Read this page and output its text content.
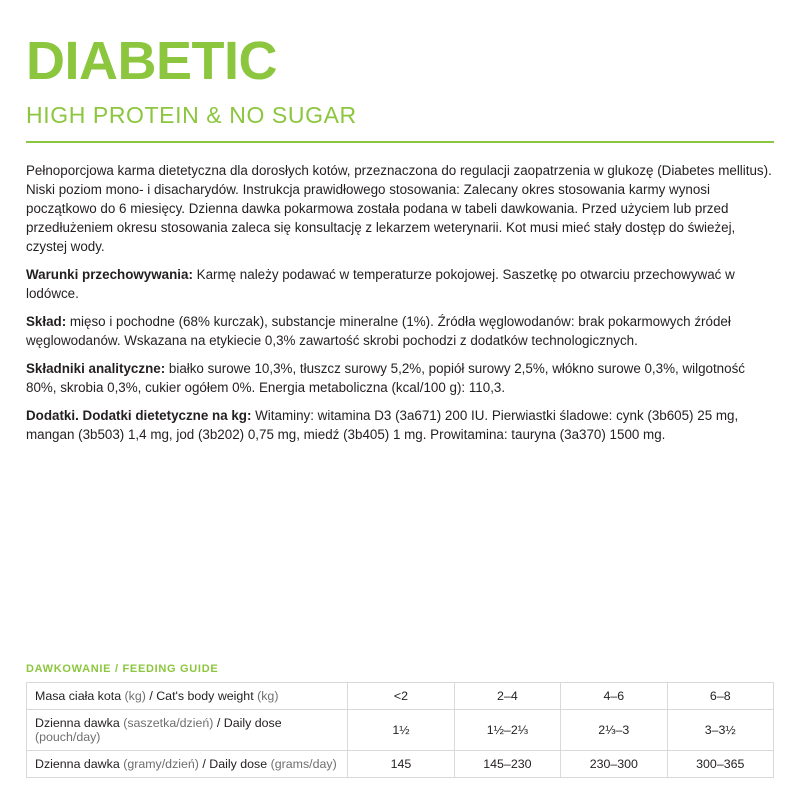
DIABETIC
HIGH PROTEIN & NO SUGAR

Pełnoporcjowa karma dietetyczna dla dorosłych kotów, przeznaczona do regulacji zaopatrzenia w glukozę (Diabetes mellitus). Niski poziom mono- i disacharydów. Instrukcja prawidłowego stosowania: Zalecany okres stosowania karmy wynosi początkowo do 6 miesięcy. Dzienna dawka pokarmowa została podana w tabeli dawkowania. Przed użyciem lub przed przedłużeniem okresu stosowania zaleca się konsultację z lekarzem weterynarii. Kot musi mieć stały dostęp do świeżej, czystej wody.

Warunki przechowywania: Karmę należy podawać w temperaturze pokojowej. Saszetkę po otwarciu przechowywać w lodówce.

Skład: mięso i pochodne (68% kurczak), substancje mineralne (1%). Źródła węglowodanów: brak pokarmowych źródeł węglowodanów. Wskazana na etykiecie 0,3% zawartość skrobi pochodzi z dodatków technologicznych.

Składniki analityczne: białko surowe 10,3%, tłuszcz surowy 5,2%, popiół surowy 2,5%, włókno surowe 0,3%, wilgotność 80%, skrobia 0,3%, cukier ogółem 0%. Energia metaboliczna (kcal/100 g): 110,3.

Dodatki. Dodatki dietetyczne na kg: Witaminy: witamina D3 (3a671) 200 IU. Pierwiastki śladowe: cynk (3b605) 25 mg, mangan (3b503) 1,4 mg, jod (3b202) 0,75 mg, miedź (3b405) 1 mg. Prowitamina: tauryna (3a370) 1500 mg.

DAWKOWANIE / FEEDING GUIDE
Masa ciała kota (kg) / Cat's body weight (kg)	<2	2–4	4–6	6–8
Dzienna dawka (saszetka/dzień) / Daily dose (pouch/day)	1½	1½–2⅓	2⅓–3	3–3½
Dzienna dawka (gramy/dzień) / Daily dose (grams/day)	145	145–230	230–300	300–365
